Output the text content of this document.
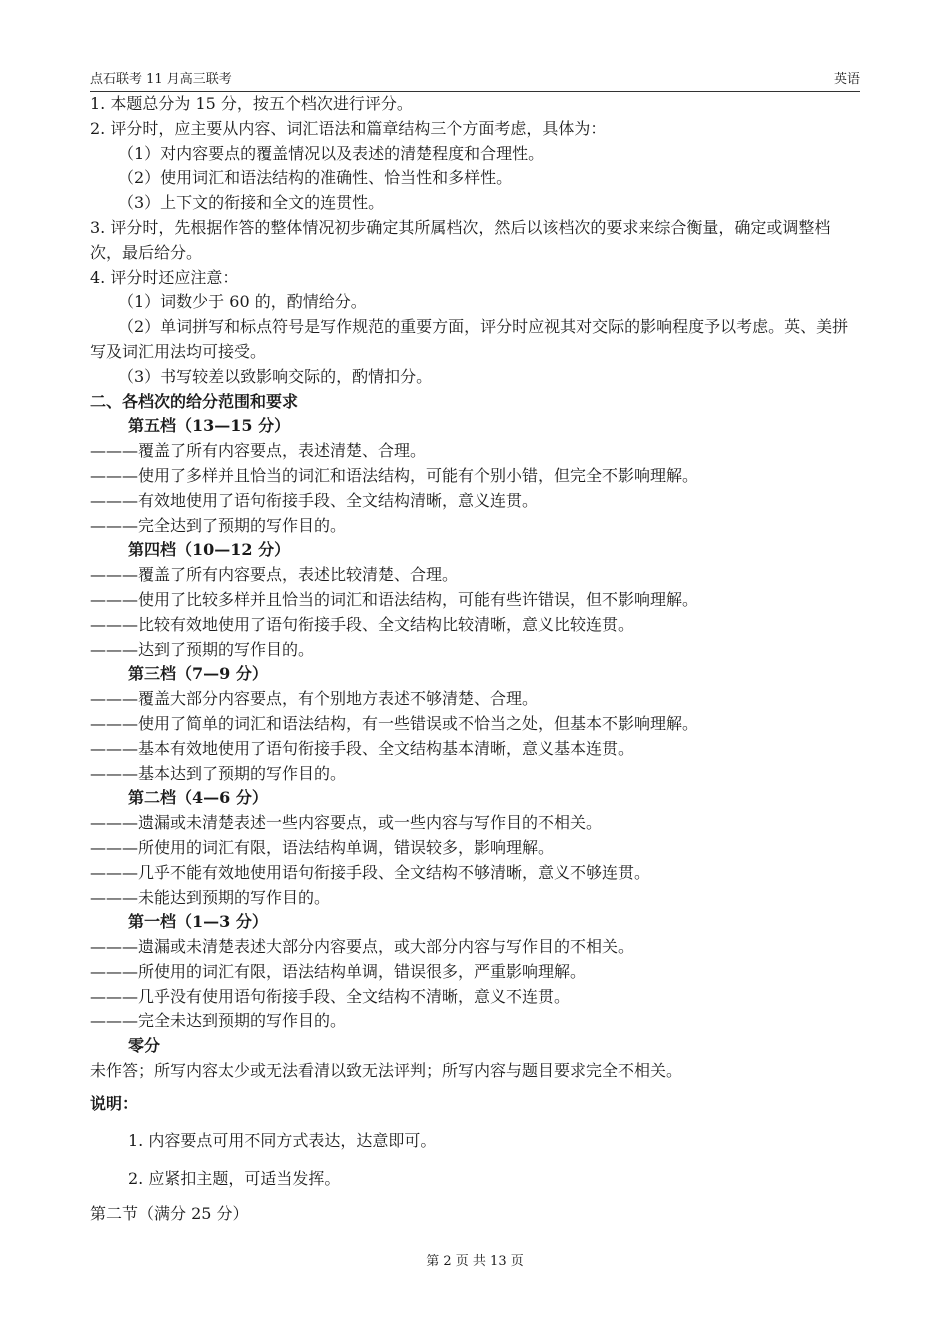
点石联考 11 月高三联考	英语
1. 本题总分为 15 分，按五个档次进行评分。
2. 评分时，应主要从内容、词汇语法和篇章结构三个方面考虑，具体为：
（1）对内容要点的覆盖情况以及表述的清楚程度和合理性。
（2）使用词汇和语法结构的准确性、恰当性和多样性。
（3）上下文的衔接和全文的连贯性。
3. 评分时，先根据作答的整体情况初步确定其所属档次，然后以该档次的要求来综合衡量，确定或调整档次，最后给分。
4. 评分时还应注意：
（1）词数少于 60 的，酌情给分。
（2）单词拼写和标点符号是写作规范的重要方面，评分时应视其对交际的影响程度予以考虑。英、美拼写及词汇用法均可接受。
（3）书写较差以致影响交际的，酌情扣分。
二、各档次的给分范围和要求
第五档（13—15 分）
———覆盖了所有内容要点，表述清楚、合理。
———使用了多样并且恰当的词汇和语法结构，可能有个别小错，但完全不影响理解。
———有效地使用了语句衔接手段、全文结构清晰，意义连贯。
———完全达到了预期的写作目的。
第四档（10—12 分）
———覆盖了所有内容要点，表述比较清楚、合理。
———使用了比较多样并且恰当的词汇和语法结构，可能有些许错误，但不影响理解。
———比较有效地使用了语句衔接手段、全文结构比较清晰，意义比较连贯。
———达到了预期的写作目的。
第三档（7—9 分）
———覆盖大部分内容要点，有个别地方表述不够清楚、合理。
———使用了简单的词汇和语法结构，有一些错误或不恰当之处，但基本不影响理解。
———基本有效地使用了语句衔接手段、全文结构基本清晰，意义基本连贯。
———基本达到了预期的写作目的。
第二档（4—6 分）
———遗漏或未清楚表述一些内容要点，或一些内容与写作目的不相关。
———所使用的词汇有限，语法结构单调，错误较多，影响理解。
———几乎不能有效地使用语句衔接手段、全文结构不够清晰，意义不够连贯。
———未能达到预期的写作目的。
第一档（1—3 分）
———遗漏或未清楚表述大部分内容要点，或大部分内容与写作目的不相关。
———所使用的词汇有限，语法结构单调，错误很多，严重影响理解。
———几乎没有使用语句衔接手段、全文结构不清晰，意义不连贯。
———完全未达到预期的写作目的。
零分
未作答；所写内容太少或无法看清以致无法评判；所写内容与题目要求完全不相关。
说明：
1. 内容要点可用不同方式表达，达意即可。
2. 应紧扣主题，可适当发挥。
第二节（满分 25 分）
第 2 页 共 13 页
